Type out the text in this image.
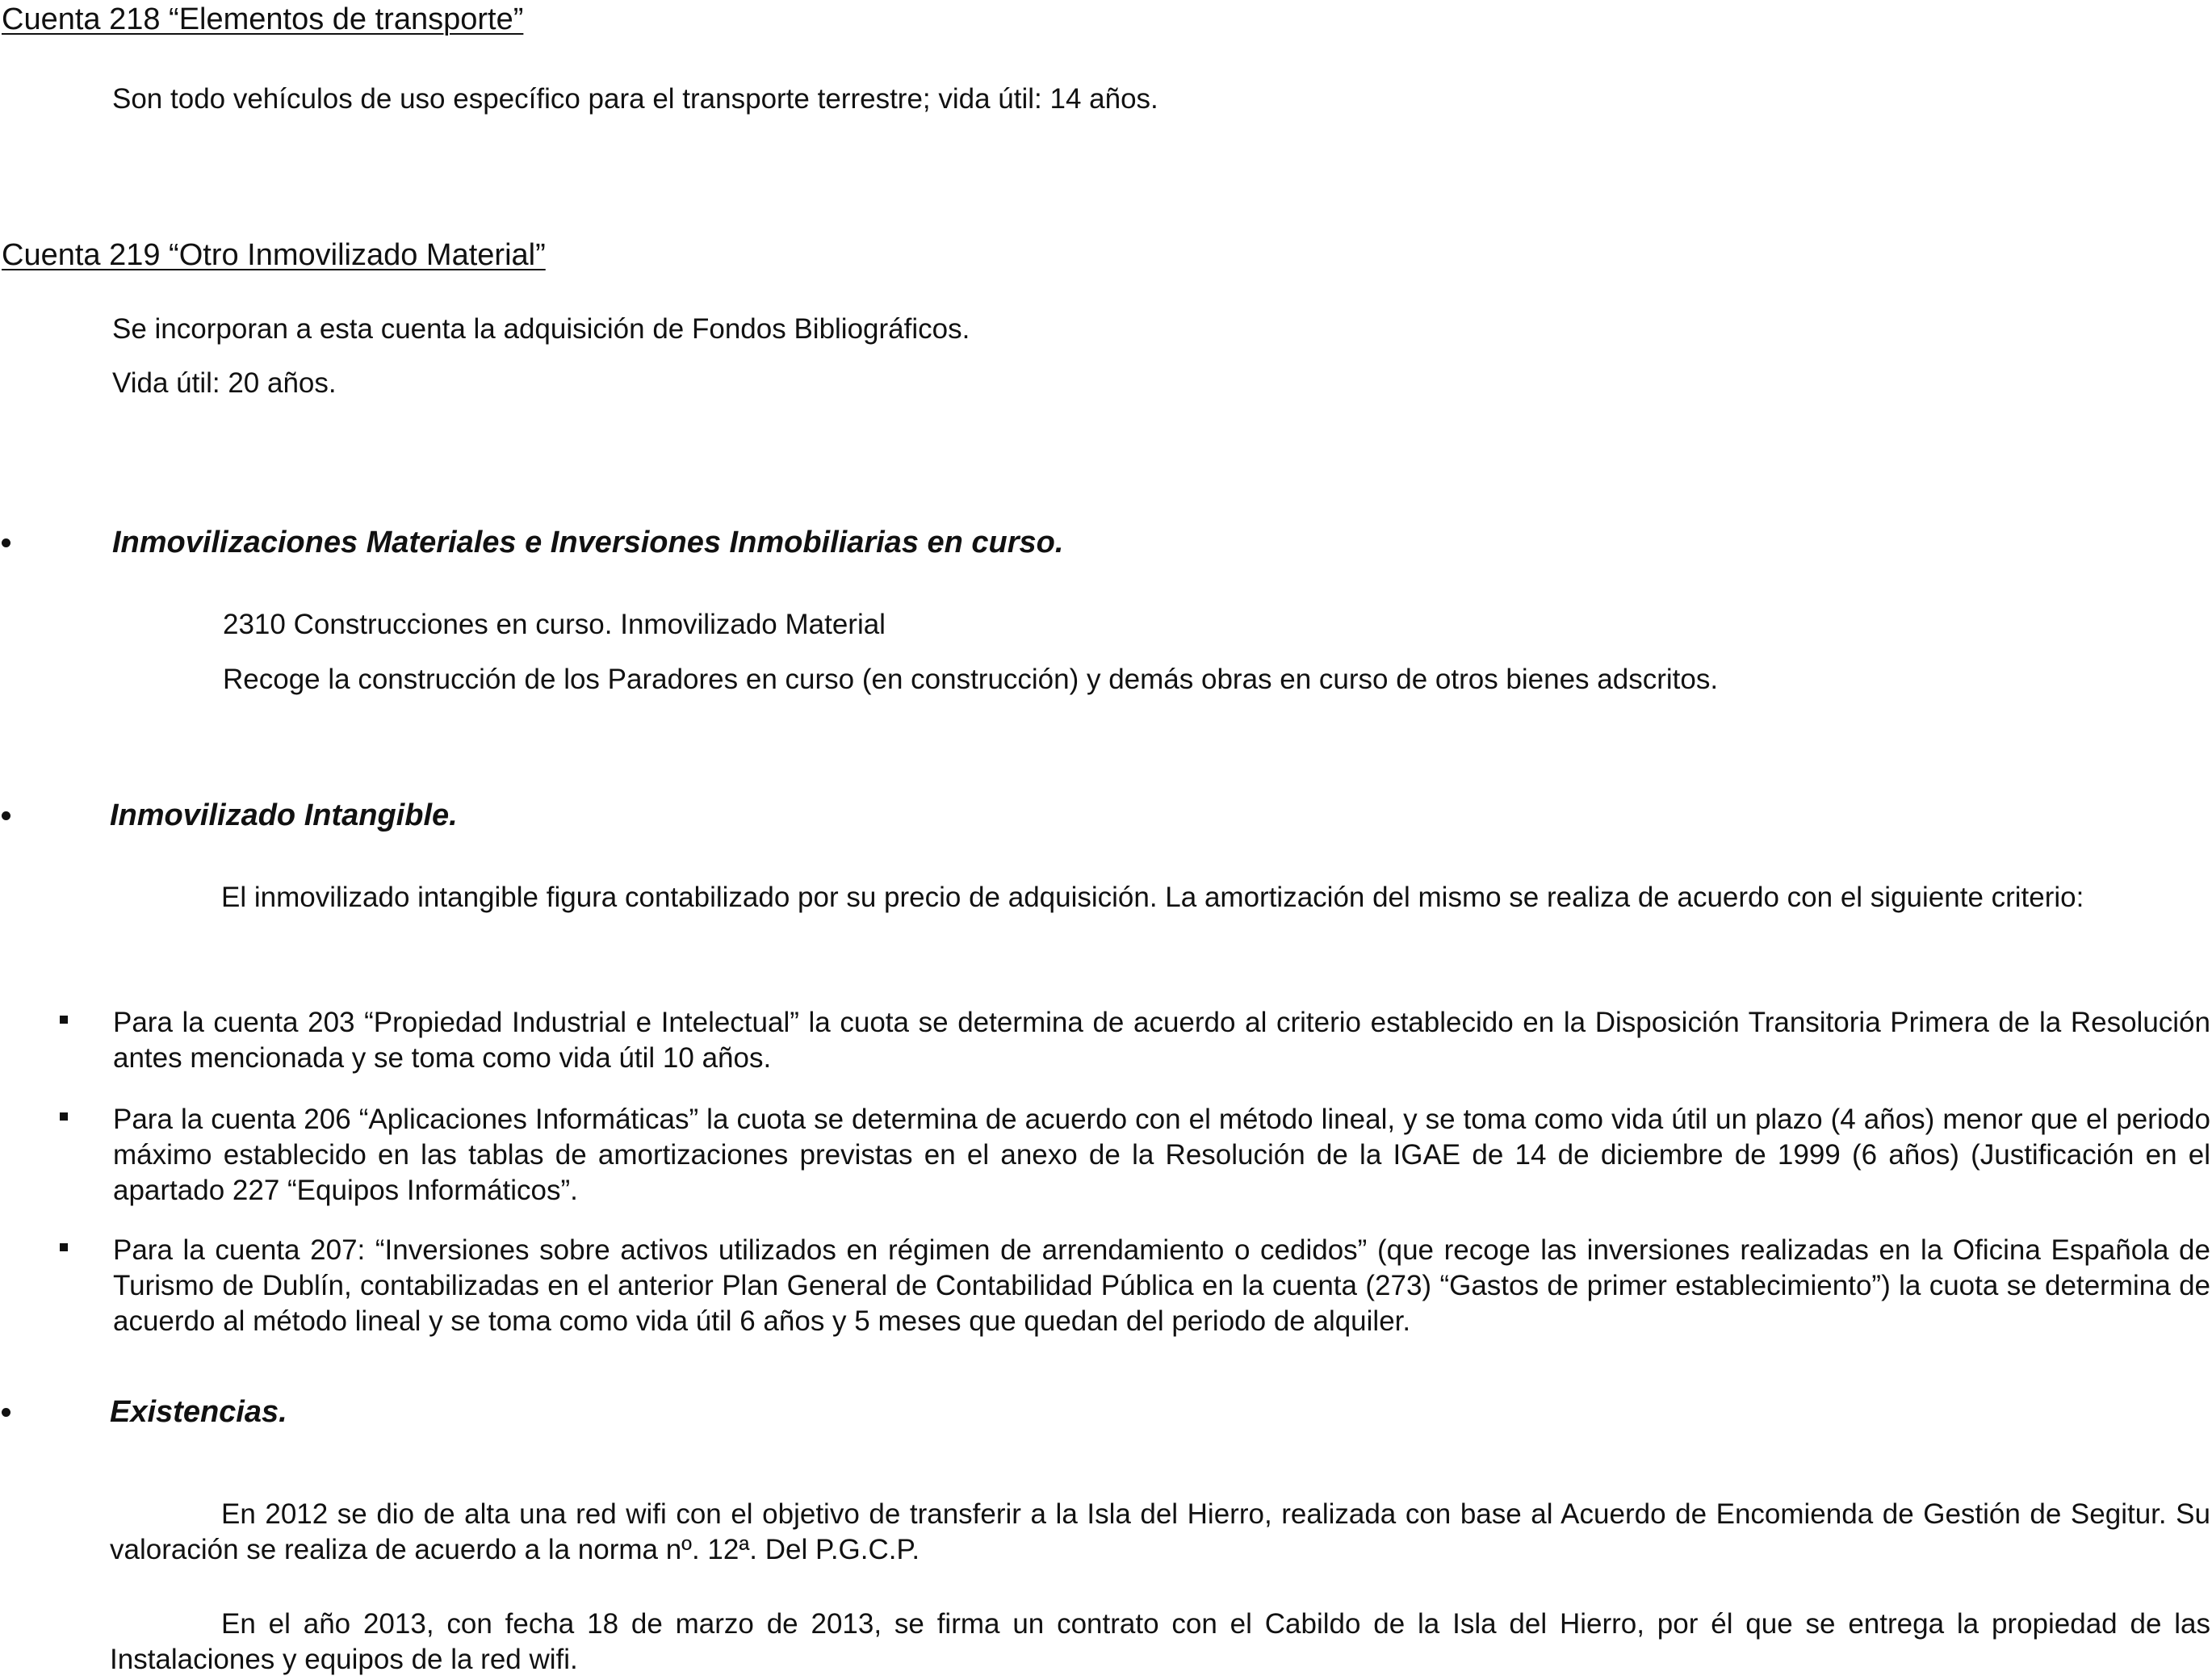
Cuenta 218 “Elementos de transporte”
Son todo vehículos de uso específico para el transporte terrestre; vida útil: 14 años.
Cuenta 219 “Otro Inmovilizado Material”
Se incorporan a esta cuenta la adquisición de Fondos Bibliográficos.
Vida útil: 20 años.
Inmovilizaciones Materiales e Inversiones Inmobiliarias en curso.
2310 Construcciones en curso. Inmovilizado Material
Recoge la construcción de los Paradores en curso (en construcción) y demás obras en curso de otros bienes adscritos.
Inmovilizado Intangible.
El inmovilizado intangible figura contabilizado por su precio de adquisición. La amortización del mismo se realiza de acuerdo con el siguiente criterio:
Para la cuenta 203 “Propiedad Industrial e Intelectual” la cuota se determina de acuerdo al criterio establecido en la Disposición Transitoria Primera de la Resolución antes mencionada y se toma como vida útil 10 años.
Para la cuenta 206 “Aplicaciones Informáticas” la cuota se determina de acuerdo con el método lineal, y se toma como vida útil un plazo (4 años) menor que el periodo máximo establecido en las tablas de amortizaciones previstas en el anexo de la Resolución de la IGAE de 14 de diciembre de 1999 (6 años) (Justificación en el apartado 227 “Equipos Informáticos”.
Para la cuenta 207: “Inversiones sobre activos utilizados en régimen de arrendamiento o cedidos” (que recoge las inversiones realizadas en la Oficina Española de Turismo de Dublín, contabilizadas en el anterior Plan General de Contabilidad Pública en la cuenta (273) “Gastos de primer establecimiento”) la cuota se determina de acuerdo al método lineal y se toma como vida útil 6 años y 5 meses que quedan del periodo de alquiler.
Existencias.
En 2012 se dio de alta una red wifi con el objetivo de transferir a la Isla del Hierro, realizada con base al Acuerdo de Encomienda de Gestión de Segitur. Su valoración se realiza de acuerdo a la norma nº. 12ª. Del P.G.C.P.
En el año 2013, con fecha 18 de marzo de 2013, se firma un contrato con el Cabildo de la Isla del Hierro, por él que se entrega la propiedad de las Instalaciones y equipos de la red wifi.
